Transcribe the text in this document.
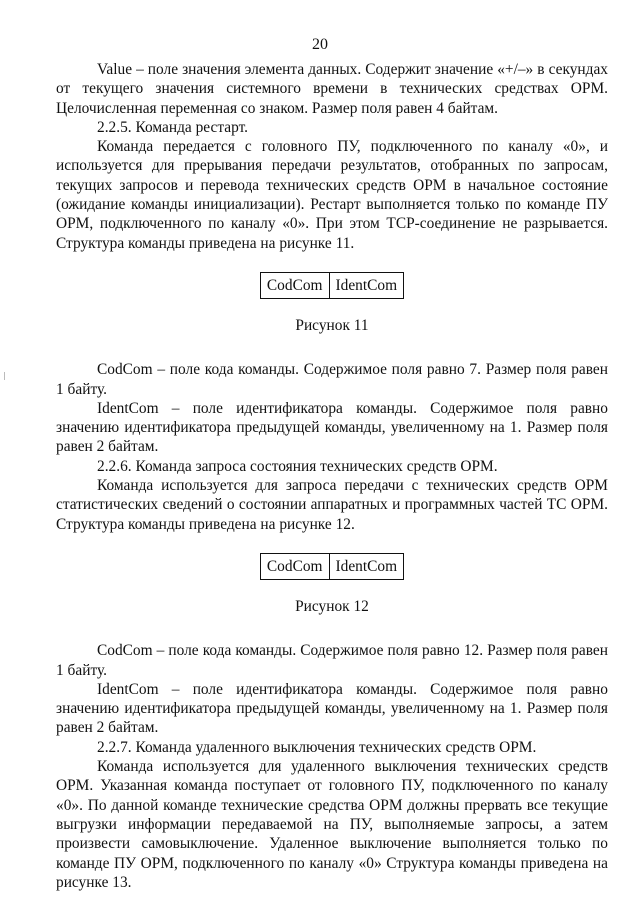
20

Value – поле значения элемента данных. Содержит значение «+/–» в секундах от текущего значения системного времени в технических средствах ОРМ. Целочисленная переменная со знаком. Размер поля равен 4 байтам.

2.2.5. Команда рестарт.

Команда передается с головного ПУ, подключенного по каналу «0», и используется для прерывания передачи результатов, отобранных по запросам, текущих запросов и перевода технических средств ОРМ в начальное состояние (ожидание команды инициализации). Рестарт выполняется только по команде ПУ ОРМ, подключенного по каналу «0». При этом TCP-соединение не разрывается. Структура команды приведена на рисунке 11.

CodCom	IdentCom

Рисунок 11

CodCom – поле кода команды. Содержимое поля равно 7. Размер поля равен 1 байту.

IdentCom – поле идентификатора команды. Содержимое поля равно значению идентификатора предыдущей команды, увеличенному на 1. Размер поля равен 2 байтам.

2.2.6. Команда запроса состояния технических средств ОРМ.

Команда используется для запроса передачи с технических средств ОРМ статистических сведений о состоянии аппаратных и программных частей ТС ОРМ. Структура команды приведена на рисунке 12.

CodCom	IdentCom

Рисунок 12

CodCom – поле кода команды. Содержимое поля равно 12. Размер поля равен 1 байту.

IdentCom – поле идентификатора команды. Содержимое поля равно значению идентификатора предыдущей команды, увеличенному на 1. Размер поля равен 2 байтам.

2.2.7. Команда удаленного выключения технических средств ОРМ.

Команда используется для удаленного выключения технических средств ОРМ. Указанная команда поступает от головного ПУ, подключенного по каналу «0». По данной команде технические средства ОРМ должны прервать все текущие выгрузки информации передаваемой на ПУ, выполняемые запросы, а затем произвести самовыключение. Удаленное выключение выполняется только по команде ПУ ОРМ, подключенного по каналу «0» Структура команды приведена на рисунке 13.
